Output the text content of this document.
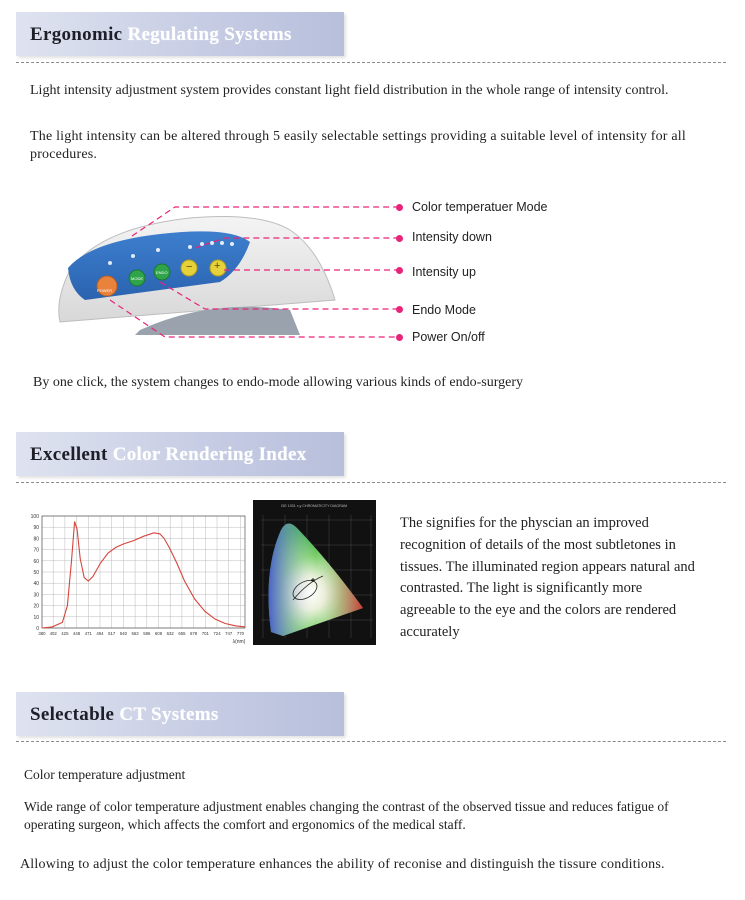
Ergonomic Regulating Systems
Light intensity adjustment system provides constant light field distribution in the whole range of intensity control.
The light intensity can be altered through 5 easily selectable settings providing a suitable level of intensity for all procedures.
POWER
MODE
ENDO − +
Color temperatuer Mode
Intensity down
Intensity up
Endo Mode
Power On/off
By one click, the system changes to endo-mode allowing various kinds of endo-surgery
Excellent Color Rendering Index
0
10
20
30
40
50
60
70
80
90
100
380 402 425 448 471 494 517 540 563 586 609 632 655 678 701 724 747 770
λ(nm)
CIE 1931 x,y CHROMATICITY DIAGRAM
The signifies for the physcian an improved recognition of details of the most subtletones in tissues. The illuminated region appears natural and contrasted. The light is significantly more agreeable to the eye and the colors are rendered accurately
Selectable CT Systems
Color temperature adjustment
Wide range of color temperature adjustment enables changing the contrast of the observed tissue and reduces fatigue of operating surgeon, which affects the comfort and ergonomics of the medical staff.
Allowing to adjust the color temperature enhances the ability of reconise and distinguish the tissure conditions.
